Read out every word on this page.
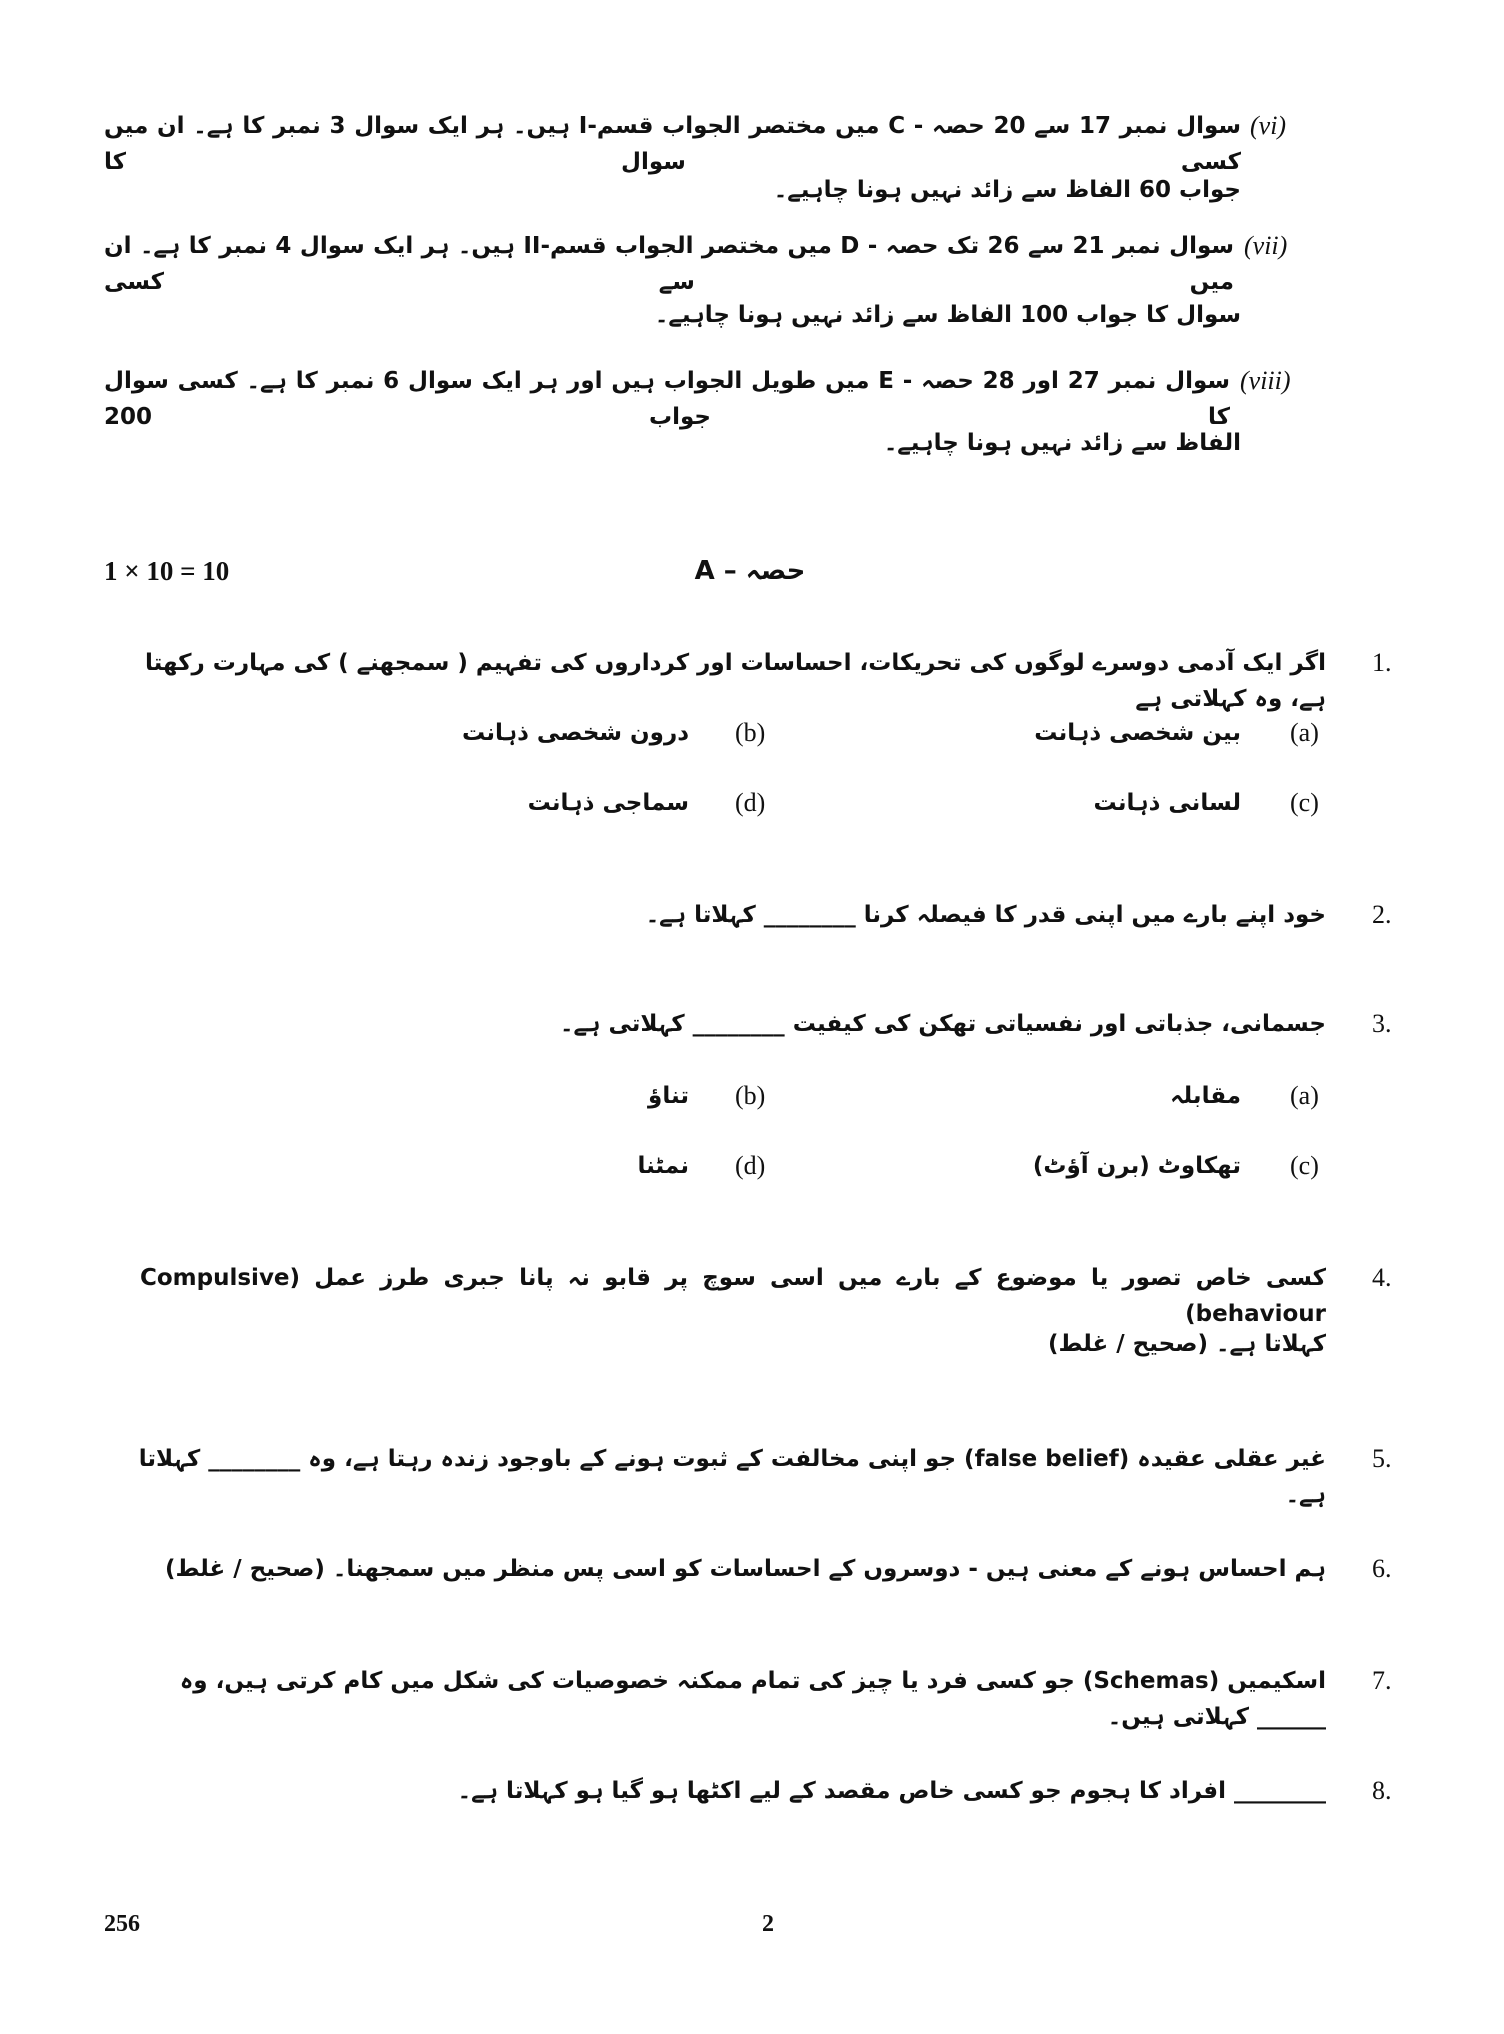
(vi)
سوال نمبر 17 سے 20 حصہ - C میں مختصر الجواب قسم-I ہیں۔ ہر ایک سوال 3 نمبر کا ہے۔ ان میں کسی سوال کا
جواب 60 الفاظ سے زائد نہیں ہونا چاہیے۔
(vii)
سوال نمبر 21 سے 26 تک حصہ - D میں مختصر الجواب قسم-II ہیں۔ ہر ایک سوال 4 نمبر کا ہے۔ ان میں سے کسی
سوال کا جواب 100 الفاظ سے زائد نہیں ہونا چاہیے۔
(viii)
سوال نمبر 27 اور 28 حصہ - E میں طویل الجواب ہیں اور ہر ایک سوال 6 نمبر کا ہے۔ کسی سوال کا جواب 200
الفاظ سے زائد نہیں ہونا چاہیے۔
1 × 10 = 10	حصہ – A
1.
اگر ایک آدمی دوسرے لوگوں کی تحریکات، احساسات اور کرداروں کی تفہیم ( سمجھنے ) کی مہارت رکھتا ہے، وہ کہلاتی ہے
(a)
بین شخصی ذہانت
(b)
درون شخصی ذہانت
(c)
لسانی ذہانت
(d)
سماجی ذہانت
2.
خود اپنے بارے میں اپنی قدر کا فیصلہ کرنا ________ کہلاتا ہے۔
3.
جسمانی، جذباتی اور نفسیاتی تھکن کی کیفیت ________ کہلاتی ہے۔
(a)
مقابلہ
(b)
تناؤ
(c)
تھکاوٹ (برن آؤٹ)
(d)
نمٹنا
4.
کسی خاص تصور یا موضوع کے بارے میں اسی سوچ پر قابو نہ پانا جبری طرز عمل (Compulsive behaviour)
کہلاتا ہے۔ (صحیح / غلط)
5.
غیر عقلی عقیدہ (false belief) جو اپنی مخالفت کے ثبوت ہونے کے باوجود زندہ رہتا ہے، وہ ________ کہلاتا ہے۔
6.
ہم احساس ہونے کے معنی ہیں - دوسروں کے احساسات کو اسی پس منظر میں سمجھنا۔ (صحیح / غلط)
7.
اسکیمیں (Schemas) جو کسی فرد یا چیز کی تمام ممکنہ خصوصیات کی شکل میں کام کرتی ہیں، وہ ______ کہلاتی ہیں۔
8.
________ افراد کا ہجوم جو کسی خاص مقصد کے لیے اکٹھا ہو گیا ہو کہلاتا ہے۔
256	2
